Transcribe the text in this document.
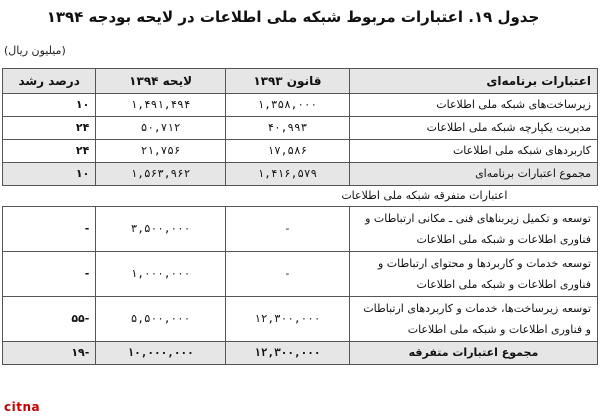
جدول ۱۹. اعتبارات مربوط شبکه ملی اطلاعات در لایحه بودجه ۱۳۹۴
(میلیون ریال)
اعتبارات برنامه‌ای	قانون ۱۳۹۳	لایحه ۱۳۹۴	درصد رشد
زیرساخت‌های شبکه ملی اطلاعات	۱,۳۵۸,۰۰۰	۱,۴۹۱,۴۹۴	۱۰
مدیریت یکپارچه شبکه ملی اطلاعات	۴۰,۹۹۳	۵۰,۷۱۲	۲۴
کاربردهای شبکه ملی اطلاعات	۱۷,۵۸۶	۲۱,۷۵۶	۲۴
مجموع اعتبارات برنامه‌ای	۱,۴۱۶,۵۷۹	۱,۵۶۳,۹۶۲	۱۰
اعتبارات متفرقه شبکه ملی اطلاعات			
توسعه و تکمیل زیربناهای فنی ـ مکانی ارتباطات و فناوری اطلاعات و شبکه ملی اطلاعات	-	۳,۵۰۰,۰۰۰	-
توسعه خدمات و کاربردها و محتوای ارتباطات و فناوری اطلاعات و شبکه ملی اطلاعات	-	۱,۰۰۰,۰۰۰	-
توسعه زیرساخت‌ها، خدمات و کاربردهای ارتباطات و فناوری اطلاعات و شبکه ملی اطلاعات	۱۲,۳۰۰,۰۰۰	۵,۵۰۰,۰۰۰	-۵۵
مجموع اعتبارات متفرقه	۱۲,۳۰۰,۰۰۰	۱۰,۰۰۰,۰۰۰	-۱۹
citna
